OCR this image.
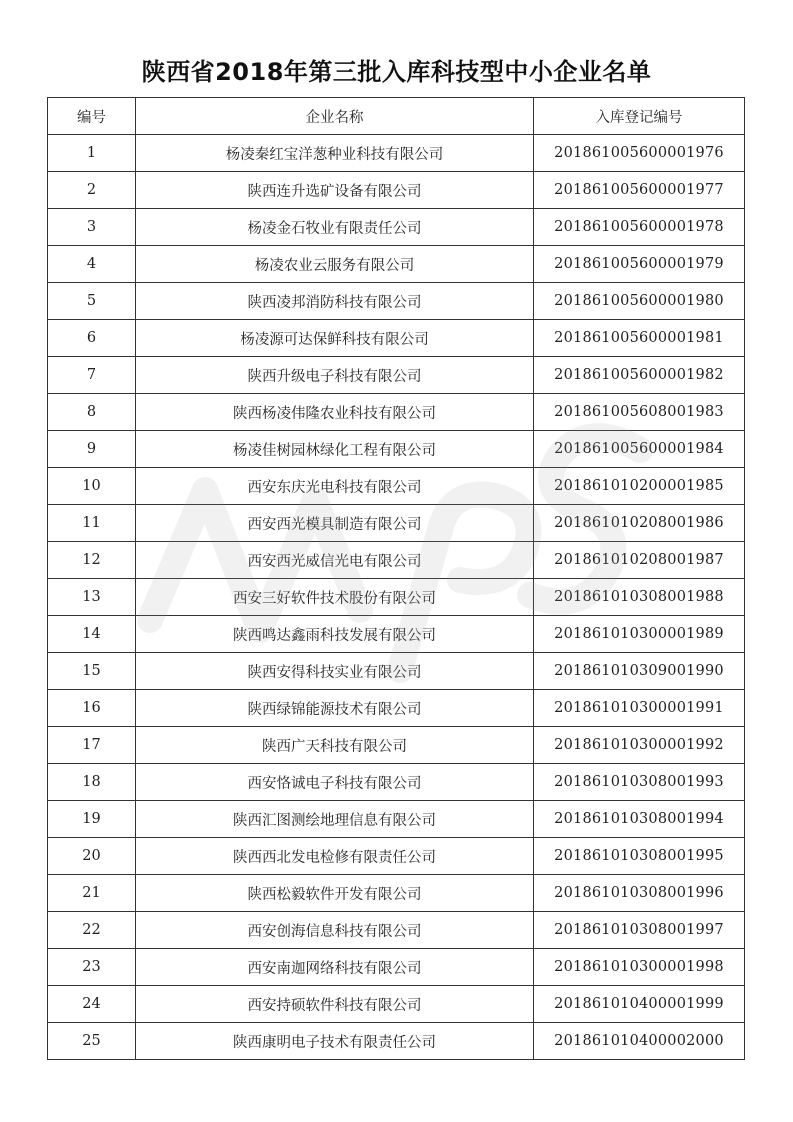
陕西省2018年第三批入库科技型中小企业名单
编号	企业名称	入库登记编号
1	杨凌秦红宝洋葱种业科技有限公司	201861005600001976
2	陕西连升选矿设备有限公司	201861005600001977
3	杨凌金石牧业有限责任公司	201861005600001978
4	杨凌农业云服务有限公司	201861005600001979
5	陕西凌邦消防科技有限公司	201861005600001980
6	杨凌源可达保鲜科技有限公司	201861005600001981
7	陕西升级电子科技有限公司	201861005600001982
8	陕西杨凌伟隆农业科技有限公司	201861005608001983
9	杨凌佳树园林绿化工程有限公司	201861005600001984
10	西安东庆光电科技有限公司	201861010200001985
11	西安西光模具制造有限公司	201861010208001986
12	西安西光威信光电有限公司	201861010208001987
13	西安三好软件技术股份有限公司	201861010308001988
14	陕西鸣达鑫雨科技发展有限公司	201861010300001989
15	陕西安得科技实业有限公司	201861010309001990
16	陕西绿锦能源技术有限公司	201861010300001991
17	陕西广天科技有限公司	201861010300001992
18	西安恪诚电子科技有限公司	201861010308001993
19	陕西汇图测绘地理信息有限公司	201861010308001994
20	陕西西北发电检修有限责任公司	201861010308001995
21	陕西松毅软件开发有限公司	201861010308001996
22	西安创海信息科技有限公司	201861010308001997
23	西安南迦网络科技有限公司	201861010300001998
24	西安持硕软件科技有限公司	201861010400001999
25	陕西康明电子技术有限责任公司	201861010400002000
